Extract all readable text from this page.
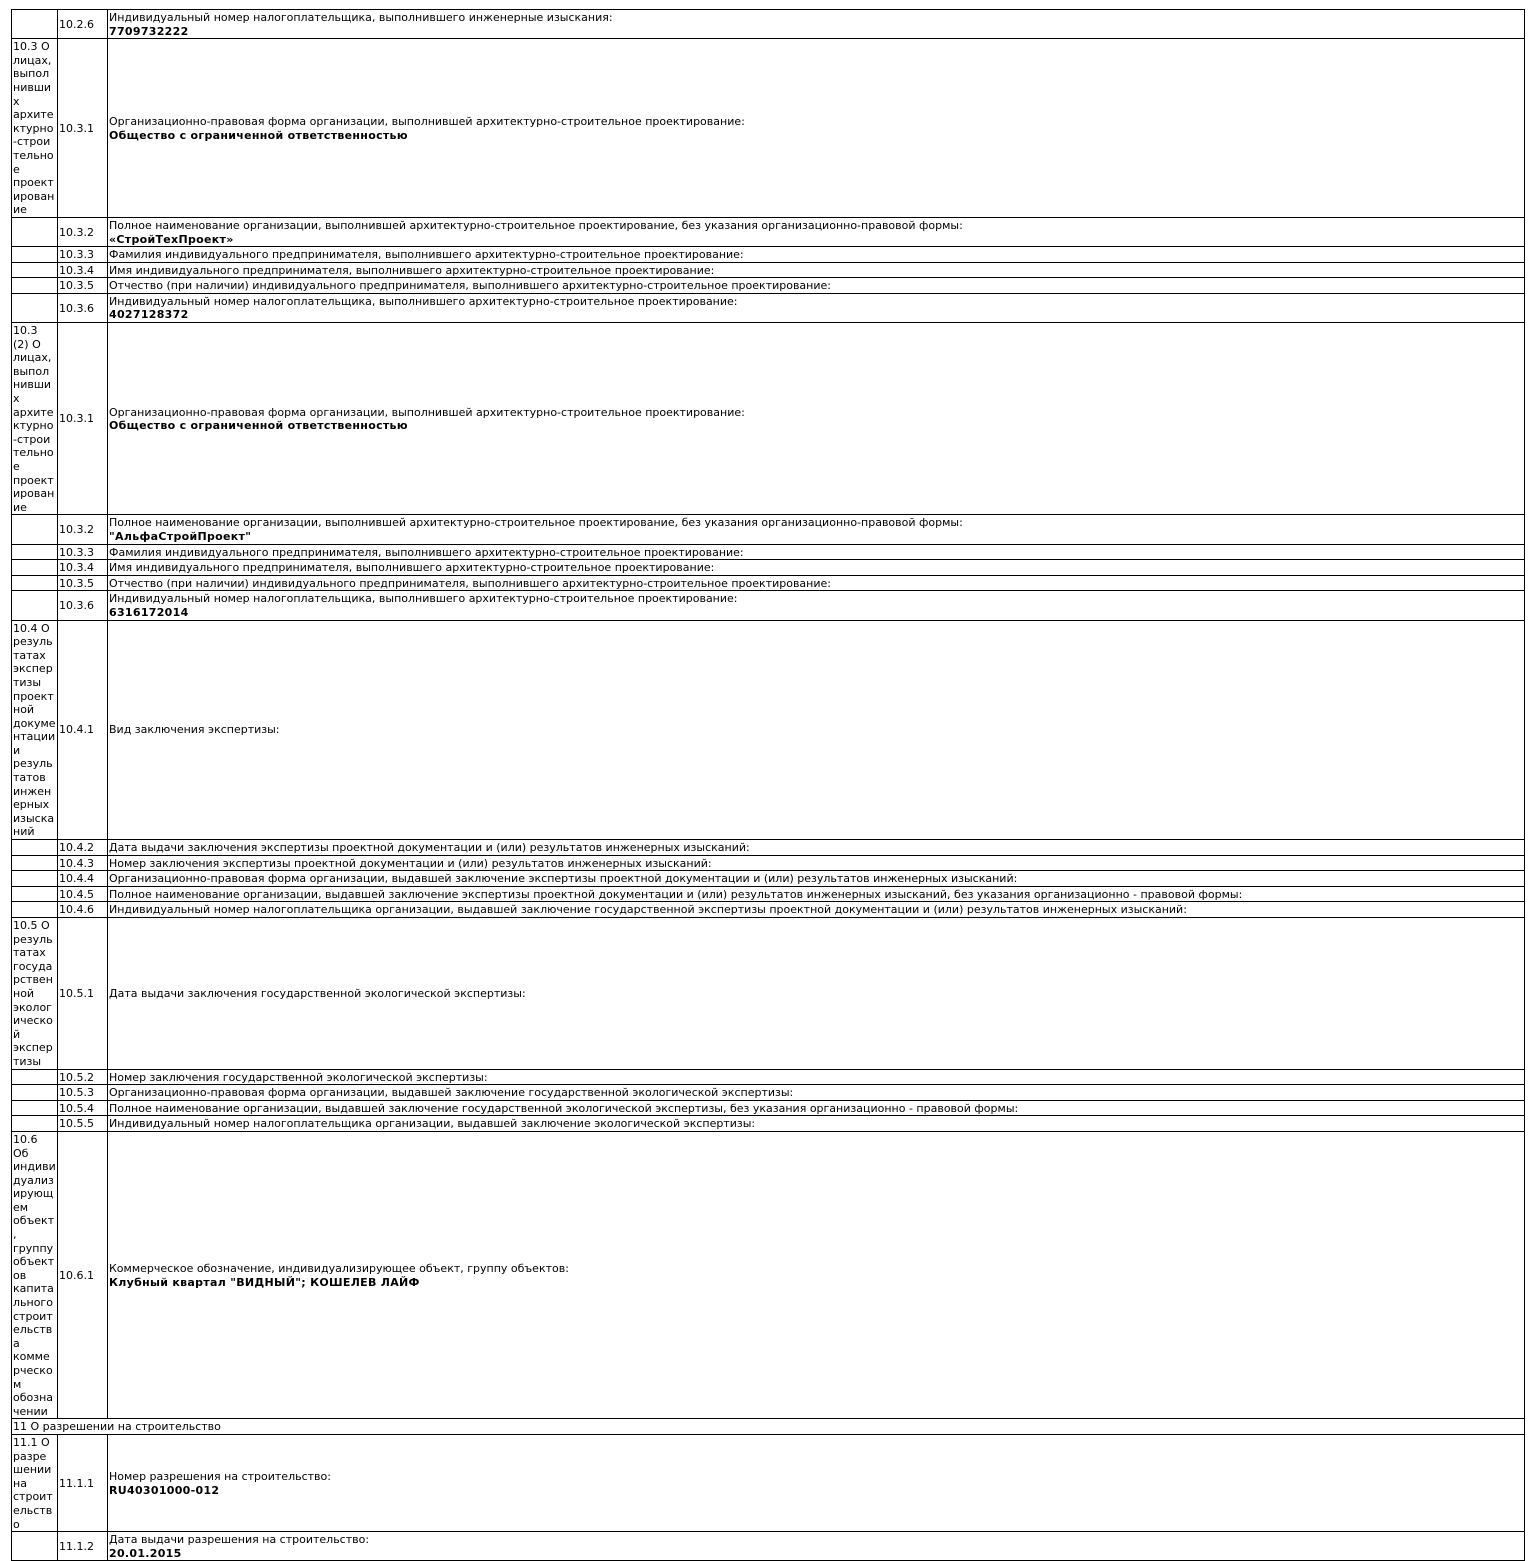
	10.2.6	Индивидуальный номер налогоплательщика, выполнившего инженерные изыскания:
7709732222

10.3 О лицах, выполнивших архитектурно-строительное проектирование	10.3.1	Организационно-правовая форма организации, выполнившей архитектурно-строительное проектирование:
Общество с ограниченной ответственностью

	10.3.2	Полное наименование организации, выполнившей архитектурно-строительное проектирование, без указания организационно-правовой формы:
«СтройТехПроект»

	10.3.3	Фамилия индивидуального предпринимателя, выполнившего архитектурно-строительное проектирование:

	10.3.4	Имя индивидуального предпринимателя, выполнившего архитектурно-строительное проектирование:

	10.3.5	Отчество (при наличии) индивидуального предпринимателя, выполнившего архитектурно-строительное проектирование:

	10.3.6	Индивидуальный номер налогоплательщика, выполнившего архитектурно-строительное проектирование:
4027128372

10.3 (2) О лицах, выполнивших архитектурно-строительное проектирование	10.3.1	Организационно-правовая форма организации, выполнившей архитектурно-строительное проектирование:
Общество с ограниченной ответственностью

	10.3.2	Полное наименование организации, выполнившей архитектурно-строительное проектирование, без указания организационно-правовой формы:
"АльфаСтройПроект"

	10.3.3	Фамилия индивидуального предпринимателя, выполнившего архитектурно-строительное проектирование:

	10.3.4	Имя индивидуального предпринимателя, выполнившего архитектурно-строительное проектирование:

	10.3.5	Отчество (при наличии) индивидуального предпринимателя, выполнившего архитектурно-строительное проектирование:

	10.3.6	Индивидуальный номер налогоплательщика, выполнившего архитектурно-строительное проектирование:
6316172014

10.4 О результатах экспертизы проектной документации и результатов инженерных изысканий	10.4.1	Вид заключения экспертизы:

	10.4.2	Дата выдачи заключения экспертизы проектной документации и (или) результатов инженерных изысканий:

	10.4.3	Номер заключения экспертизы проектной документации и (или) результатов инженерных изысканий:

	10.4.4	Организационно-правовая форма организации, выдавшей заключение экспертизы проектной документации и (или) результатов инженерных изысканий:

	10.4.5	Полное наименование организации, выдавшей заключение экспертизы проектной документации и (или) результатов инженерных изысканий, без указания организационно - правовой формы:

	10.4.6	Индивидуальный номер налогоплательщика организации, выдавшей заключение государственной экспертизы проектной документации и (или) результатов инженерных изысканий:

10.5 О результатах государственной экологической экспертизы	10.5.1	Дата выдачи заключения государственной экологической экспертизы:

	10.5.2	Номер заключения государственной экологической экспертизы:

	10.5.3	Организационно-правовая форма организации, выдавшей заключение государственной экологической экспертизы:

	10.5.4	Полное наименование организации, выдавшей заключение государственной экологической экспертизы, без указания организационно - правовой формы:

	10.5.5	Индивидуальный номер налогоплательщика организации, выдавшей заключение экологической экспертизы:

10.6 Об индивидуализирующем объект, группу объектов капитального строительства коммерческом обозначении	10.6.1	Коммерческое обозначение, индивидуализирующее объект, группу объектов:
Клубный квартал "ВИДНЫЙ"; КОШЕЛЕВ ЛАЙФ

11 О разрешении на строительство		
11.1 О разрешении на строительство	11.1.1	Номер разрешения на строительство:
RU40301000-012

	11.1.2	Дата выдачи разрешения на строительство:
20.01.2015
